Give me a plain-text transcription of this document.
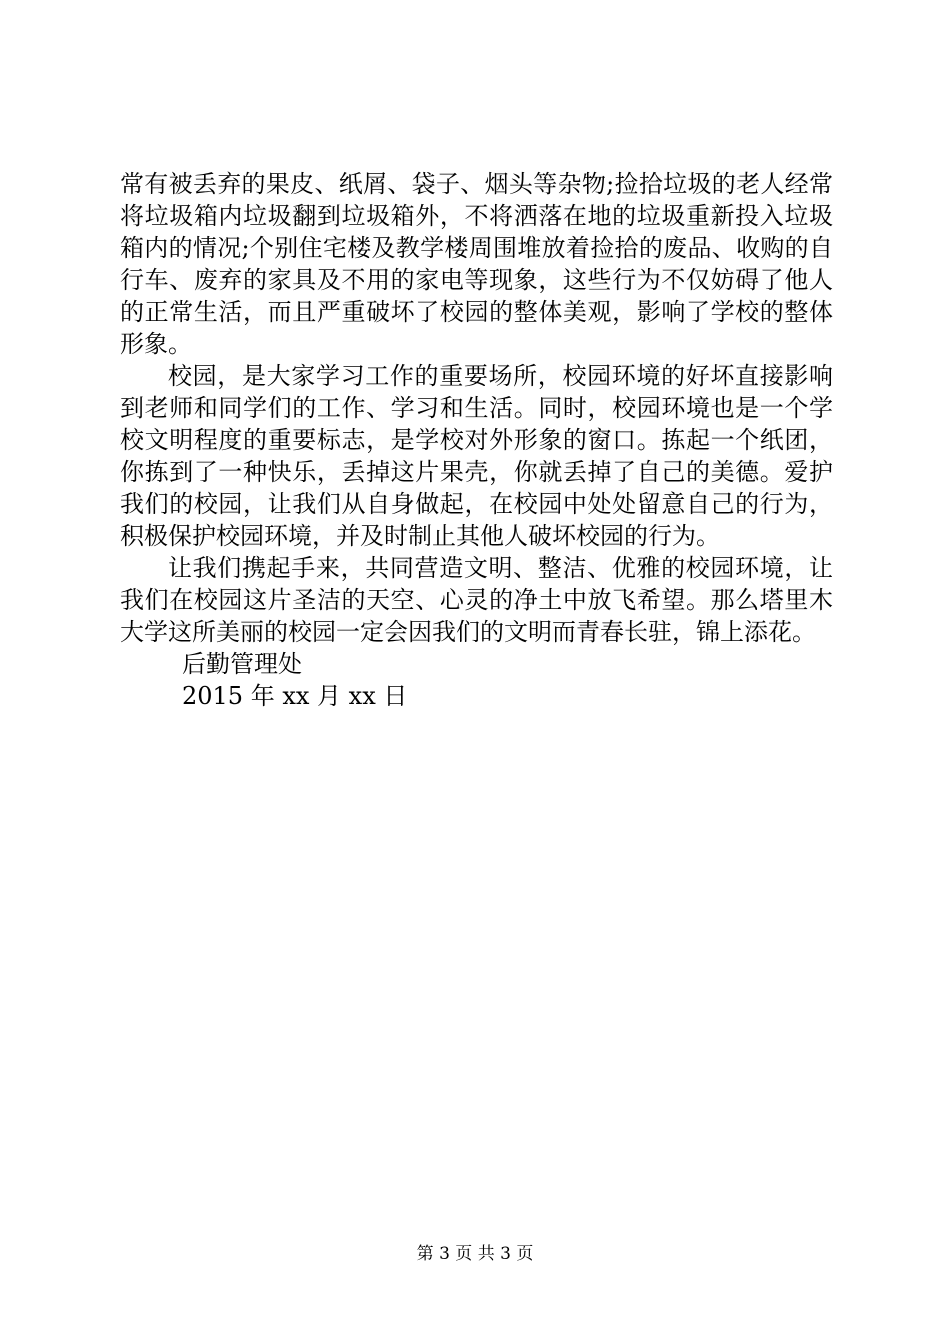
常有被丢弃的果皮、纸屑、袋子、烟头等杂物;捡拾垃圾的老人经常将垃圾箱内垃圾翻到垃圾箱外，不将洒落在地的垃圾重新投入垃圾箱内的情况;个别住宅楼及教学楼周围堆放着捡拾的废品、收购的自行车、废弃的家具及不用的家电等现象，这些行为不仅妨碍了他人的正常生活，而且严重破坏了校园的整体美观，影响了学校的整体形象。

校园，是大家学习工作的重要场所，校园环境的好坏直接影响到老师和同学们的工作、学习和生活。同时，校园环境也是一个学校文明程度的重要标志，是学校对外形象的窗口。拣起一个纸团，你拣到了一种快乐，丢掉这片果壳，你就丢掉了自己的美德。爱护我们的校园，让我们从自身做起，在校园中处处留意自己的行为，积极保护校园环境，并及时制止其他人破坏校园的行为。

让我们携起手来，共同营造文明、整洁、优雅的校园环境，让我们在校园这片圣洁的天空、心灵的净土中放飞希望。那么塔里木大学这所美丽的校园一定会因我们的文明而青春长驻，锦上添花。

后勤管理处

2015 年 xx 月 xx 日

第 3 页 共 3 页
